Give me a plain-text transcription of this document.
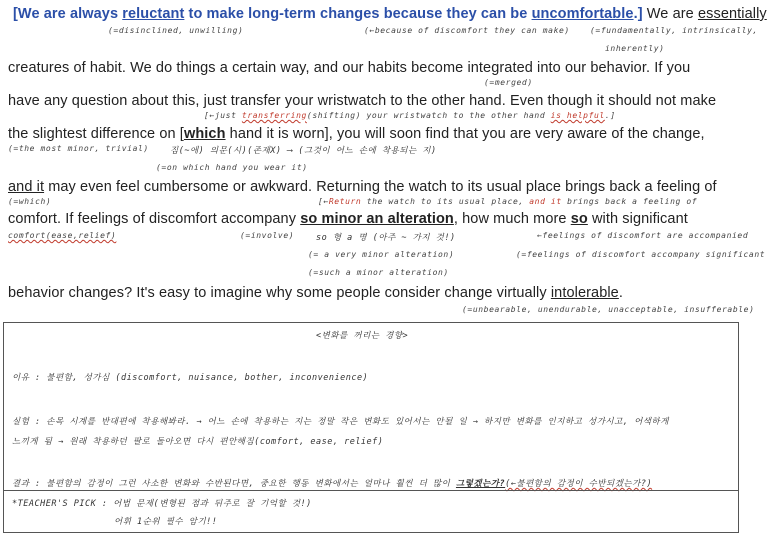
[We are always reluctant to make long-term changes because they can be uncomfortable.] We are essentially
(=disinclined, unwilling)	(←because of discomfort they can make)	(=fundamentally, intrinsically,
inherently)
creatures of habit. We do things a certain way, and our habits become integrated into our behavior. If you
(=merged)
have any question about this, just transfer your wristwatch to the other hand. Even though it should not make
[←just transferring(shifting) your wristwatch to the other hand is helpful.]
the slightest difference on [which hand it is worn], you will soon find that you are very aware of the change,
(=the most minor, trivial) 짐(~에) 의문(시)(존재X) ⟶ (그것이 어느 손에 착용되는 지)
(=on which hand you wear it)
and it may even feel cumbersome or awkward. Returning the watch to its usual place brings back a feeling of
(=which)	[←Return the watch to its usual place, and it brings back a feeling of
comfort. If feelings of discomfort accompany so minor an alteration, how much more so with significant
comfort(ease,relief)	(=involve)	so 형 a 명 (아주 ~ 가지 것!)	←feelings of discomfort are accompanied
(= a very minor alteration)	(=feelings of discomfort accompany significant
(=such a minor alteration)
behavior changes? It's easy to imagine why some people consider change virtually intolerable.
(=unbearable, unendurable, unacceptable, insufferable)
<변화를 꺼리는 경향>
이유 : 불편함, 성가심 (discomfort, nuisance, bother, inconvenience)
실험 : 손목 시계를 반대편에 착용해봐라. → 어느 손에 착용하는 지는 정말 작은 변화도 있어서는 안될 일 → 하지만 변화를 인지하고 성가시고, 어색하게
느끼게 됨 → 원래 착용하던 팔로 돌아오면 다시 편안해짐(comfort, ease, relief)
결과 : 불편함의 감정이 그런 사소한 변화와 수반된다면, 중요한 행동 변화에서는 얼마나 훨씬 더 많이 그렇겠는가?(←불편함의 감정이 수반되겠는가?)
*TEACHER'S PICK : 어법 문제(변형된 점과 뒤주로 잘 기억할 것!)
어휘 1순위 필수 암기!!
